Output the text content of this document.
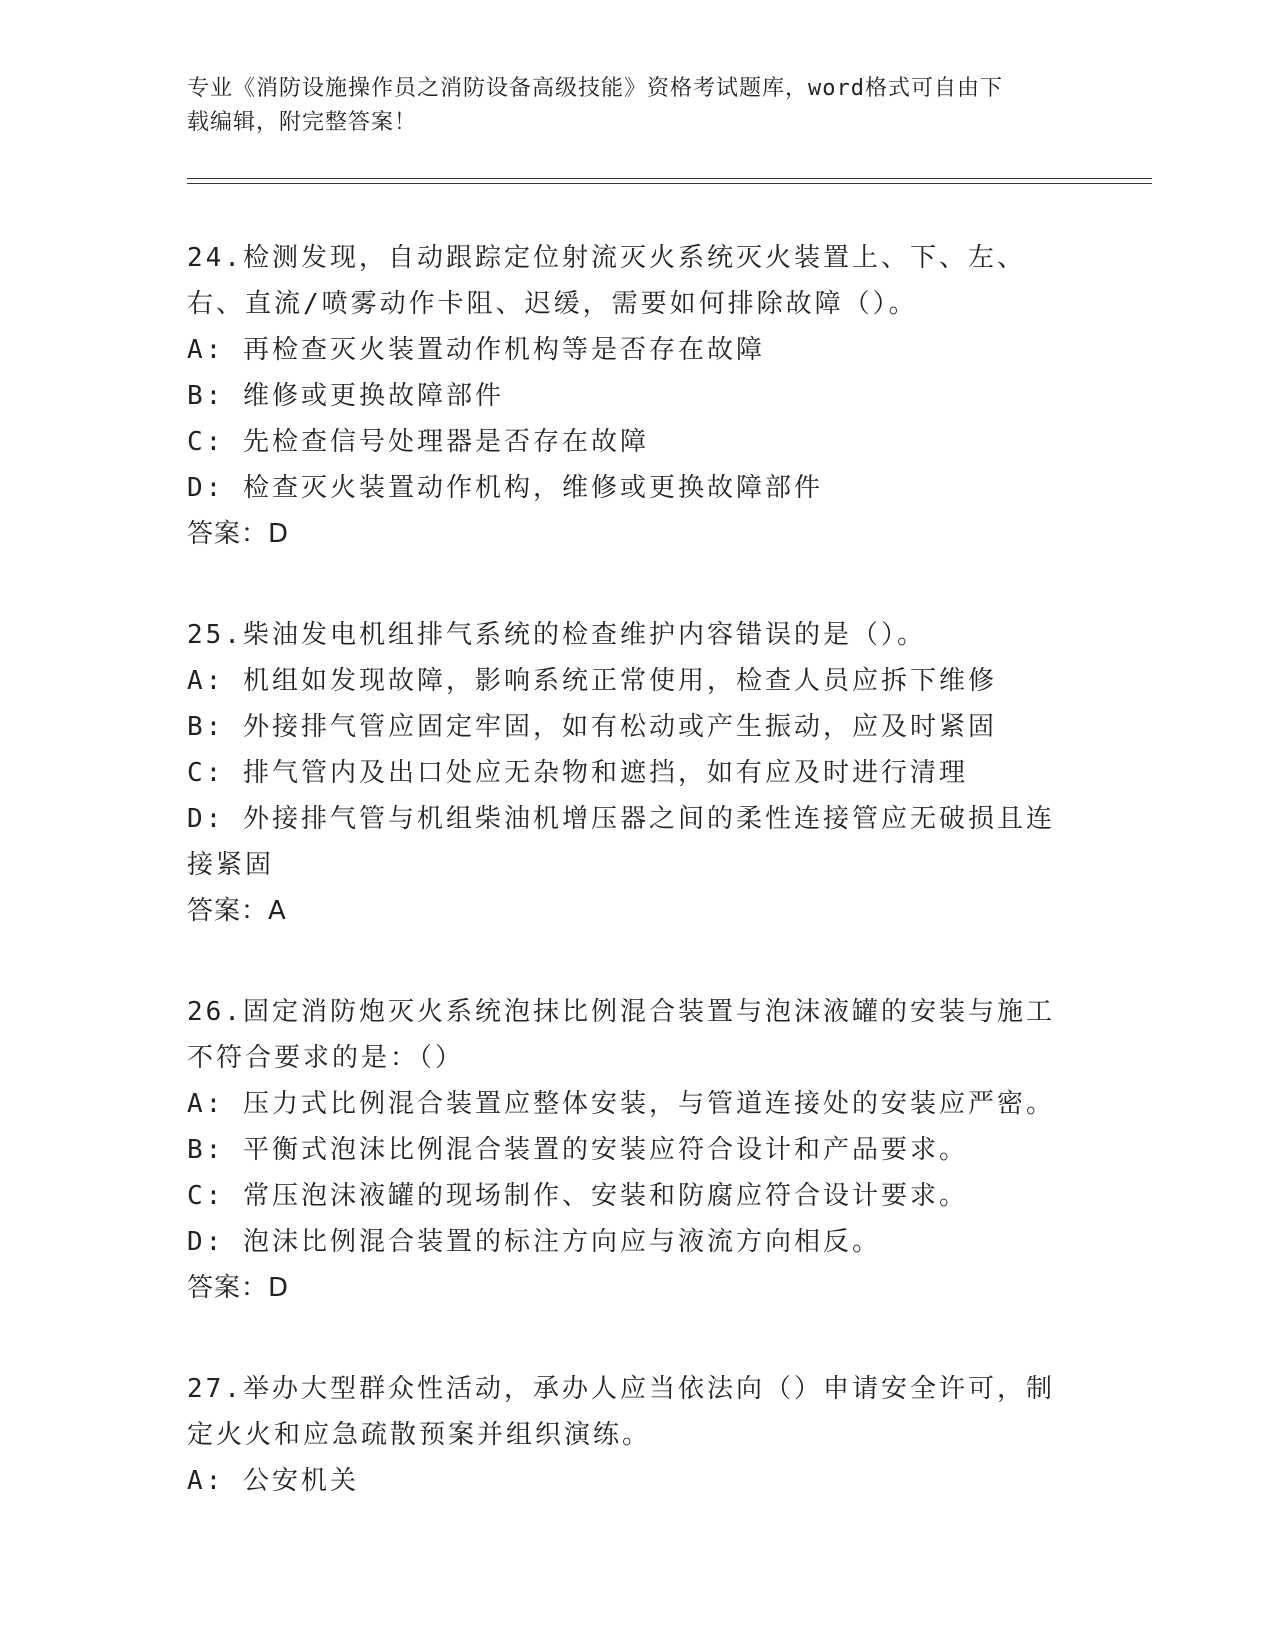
专业《消防设施操作员之消防设备高级技能》资格考试题库，word格式可自由下
载编辑，附完整答案！
24.检测发现，自动跟踪定位射流灭火系统灭火装置上、下、左、右、直流/喷雾动作卡阻、迟缓，需要如何排除故障（）。
A: 再检查灭火装置动作机构等是否存在故障
B: 维修或更换故障部件
C: 先检查信号处理器是否存在故障
D: 检查灭火装置动作机构，维修或更换故障部件
答案：D
25.柴油发电机组排气系统的检查维护内容错误的是（）。
A: 机组如发现故障，影响系统正常使用，检查人员应拆下维修
B: 外接排气管应固定牢固，如有松动或产生振动，应及时紧固
C: 排气管内及出口处应无杂物和遮挡，如有应及时进行清理
D: 外接排气管与机组柴油机增压器之间的柔性连接管应无破损且连接紧固
答案：A
26.固定消防炮灭火系统泡抹比例混合装置与泡沫液罐的安装与施工不符合要求的是：（）
A: 压力式比例混合装置应整体安装，与管道连接处的安装应严密。
B: 平衡式泡沫比例混合装置的安装应符合设计和产品要求。
C: 常压泡沫液罐的现场制作、安装和防腐应符合设计要求。
D: 泡沫比例混合装置的标注方向应与液流方向相反。
答案：D
27.举办大型群众性活动，承办人应当依法向（）申请安全许可，制定火火和应急疏散预案并组织演练。
A: 公安机关
